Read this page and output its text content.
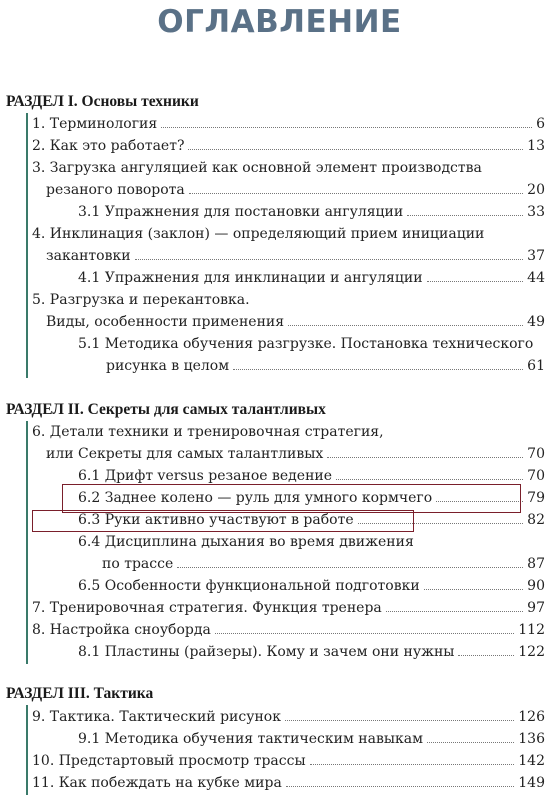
ОГЛАВЛЕНИЕ
РАЗДЕЛ I. Основы техники
1. Терминология	6
2. Как это работает?	13
3. Загрузка ангуляцией как основной элемент производства
резаного поворота	20
3.1 Упражнения для постановки ангуляции	33
4. Инклинация (заклон) — определяющий прием инициации
закантовки	37
4.1 Упражнения для инклинации и ангуляции	44
5. Разгрузка и перекантовка.
Виды, особенности применения	49
5.1 Методика обучения разгрузке. Постановка технического
рисунка в целом	61
РАЗДЕЛ II. Секреты для самых талантливых
6. Детали техники и тренировочная стратегия,
или Секреты для самых талантливых	70
6.1 Дрифт versus резаное ведение	70
6.2 Заднее колено — руль для умного кормчего	79
6.3 Руки активно участвуют в работе	82
6.4 Дисциплина дыхания во время движения
по трассе	87
6.5 Особенности функциональной подготовки	90
7. Тренировочная стратегия. Функция тренера	97
8. Настройка сноуборда	112
8.1 Пластины (райзеры). Кому и зачем они нужны	122
РАЗДЕЛ III. Тактика
9. Тактика. Тактический рисунок	126
9.1 Методика обучения тактическим навыкам	136
10. Предстартовый просмотр трассы	142
11. Как побеждать на кубке мира	149
